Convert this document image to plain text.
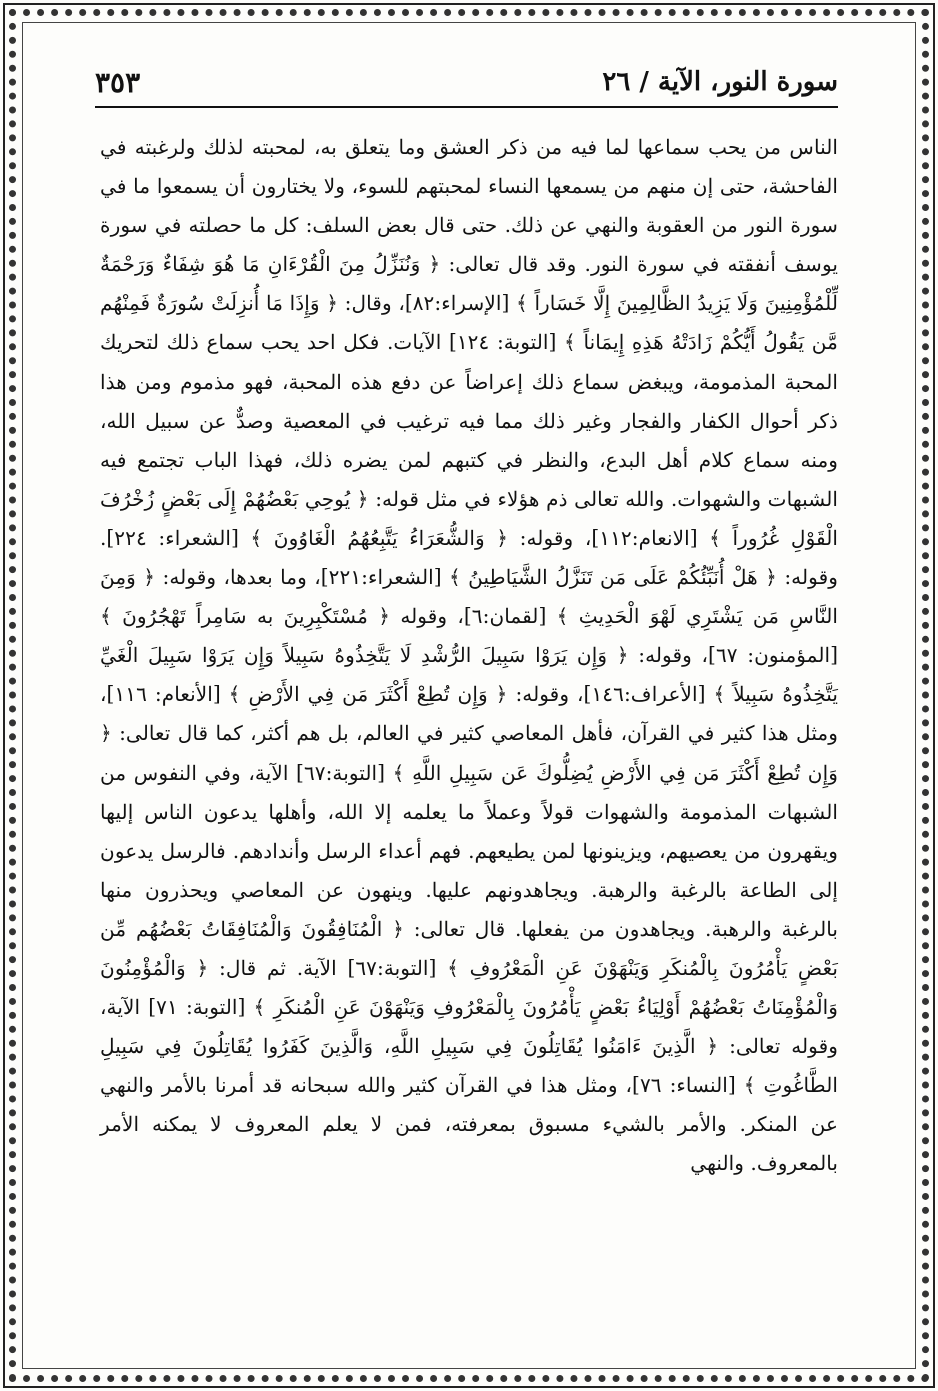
سورة النور، الآية / ٢٦
٣٥٣

الناس من يحب سماعها لما فيه من ذكر العشق وما يتعلق به، لمحبته لذلك ولرغبته في الفاحشة، حتى إن منهم من يسمعها النساء لمحبتهم للسوء، ولا يختارون أن يسمعوا ما في سورة النور من العقوبة والنهي عن ذلك. حتى قال بعض السلف: كل ما حصلته في سورة يوسف أنفقته في سورة النور. وقد قال تعالى: ﴿ وَنُنَزِّلُ مِنَ الْقُرْءَانِ مَا هُوَ شِفَاءٌ وَرَحْمَةٌ لِّلْمُؤْمِنِينَ وَلَا يَزِيدُ الظَّالِمِينَ إِلَّا خَسَاراً ﴾ [الإسراء:٨٢]، وقال: ﴿ وَإِذَا مَا أُنزِلَتْ سُورَةٌ فَمِنْهُم مَّن يَقُولُ أَيُّكُمْ زَادَتْهُ هَذِهِ إِيمَاناً ﴾ [التوبة: ١٢٤] الآيات. فكل احد يحب سماع ذلك لتحريك المحبة المذمومة، ويبغض سماع ذلك إعراضاً عن دفع هذه المحبة، فهو مذموم ومن هذا ذكر أحوال الكفار والفجار وغير ذلك مما فيه ترغيب في المعصية وصدٌّ عن سبيل الله، ومنه سماع كلام أهل البدع، والنظر في كتبهم لمن يضره ذلك، فهذا الباب تجتمع فيه الشبهات والشهوات. والله تعالى ذم هؤلاء في مثل قوله: ﴿ يُوحِي بَعْضُهُمْ إِلَى بَعْضٍ زُخْرُفَ الْقَوْلِ غُرُوراً ﴾ [الانعام:١١٢]، وقوله: ﴿ وَالشُّعَرَاءُ يَتَّبِعُهُمُ الْغَاوُونَ ﴾ [الشعراء: ٢٢٤]. وقوله: ﴿ هَلْ أُنَبِّئُكُمْ عَلَى مَن تَنَزَّلُ الشَّيَاطِينُ ﴾ [الشعراء:٢٢١]، وما بعدها، وقوله: ﴿ وَمِنَ النَّاسِ مَن يَشْتَرِي لَهْوَ الْحَدِيثِ ﴾ [لقمان:٦]، وقوله ﴿ مُسْتَكْبِرِينَ به سَامِراً تَهْجُرُونَ ﴾ [المؤمنون: ٦٧]، وقوله: ﴿ وَإِن يَرَوْا سَبِيلَ الرُّشْدِ لَا يَتَّخِذُوهُ سَبِيلاً وَإِن يَرَوْا سَبِيلَ الْغَيِّ يَتَّخِذُوهُ سَبِيلاً ﴾ [الأعراف:١٤٦]، وقوله: ﴿ وَإِن تُطِعْ أَكْثَرَ مَن فِي الأَرْضِ ﴾ [الأنعام: ١١٦]، ومثل هذا كثير في القرآن، فأهل المعاصي كثير في العالم، بل هم أكثر، كما قال تعالى: ﴿ وَإِن تُطِعْ أَكْثَرَ مَن فِي الأَرْضِ يُضِلُّوكَ عَن سَبِيلِ اللَّهِ ﴾ [التوبة:٦٧] الآية، وفي النفوس من الشبهات المذمومة والشهوات قولاً وعملاً ما يعلمه إلا الله، وأهلها يدعون الناس إليها ويقهرون من يعصيهم، ويزينونها لمن يطيعهم. فهم أعداء الرسل وأندادهم. فالرسل يدعون إلى الطاعة بالرغبة والرهبة. ويجاهدونهم عليها. وينهون عن المعاصي ويحذرون منها بالرغبة والرهبة. ويجاهدون من يفعلها. قال تعالى: ﴿ الْمُنَافِقُونَ وَالْمُنَافِقَاتُ بَعْضُهُم مِّن بَعْضٍ يَأْمُرُونَ بِالْمُنكَرِ وَيَنْهَوْنَ عَنِ الْمَعْرُوفِ ﴾ [التوبة:٦٧] الآية. ثم قال: ﴿ وَالْمُؤْمِنُونَ وَالْمُؤْمِنَاتُ بَعْضُهُمْ أَوْلِيَاءُ بَعْضٍ يَأْمُرُونَ بِالْمَعْرُوفِ وَيَنْهَوْنَ عَنِ الْمُنكَرِ ﴾ [التوبة: ٧١] الآية، وقوله تعالى: ﴿ الَّذِينَ ءَامَنُوا يُقَاتِلُونَ فِي سَبِيلِ اللَّهِ، وَالَّذِينَ كَفَرُوا يُقَاتِلُونَ فِي سَبِيلِ الطَّاغُوتِ ﴾ [النساء: ٧٦]، ومثل هذا في القرآن كثير والله سبحانه قد أمرنا بالأمر والنهي عن المنكر. والأمر بالشيء مسبوق بمعرفته، فمن لا يعلم المعروف لا يمكنه الأمر بالمعروف. والنهي
